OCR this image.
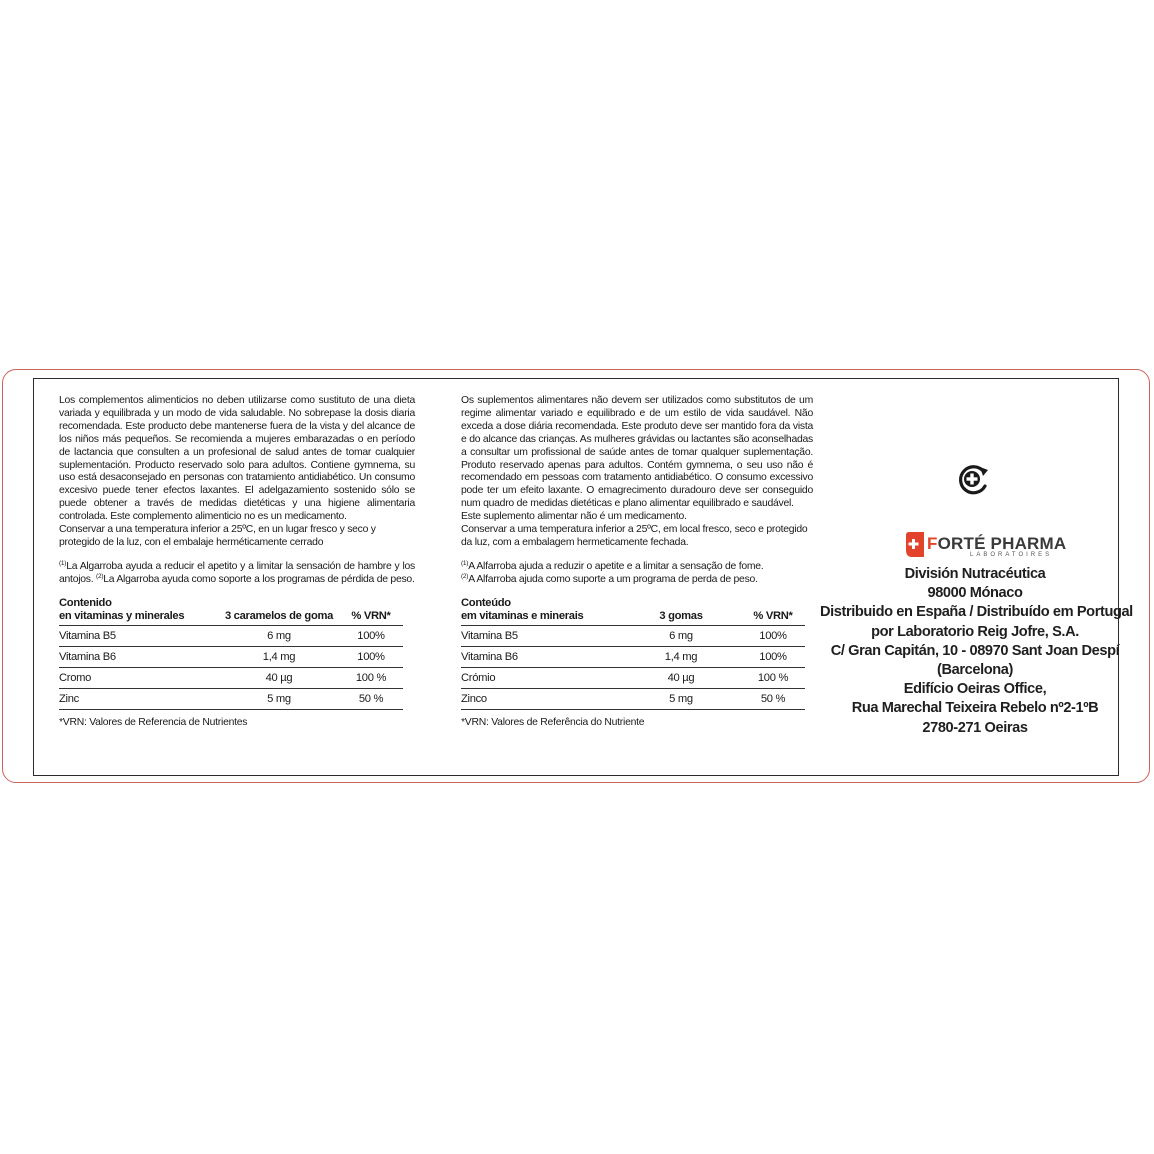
Los complementos alimenticios no deben utilizarse como sustituto de una dieta variada y equilibrada y un modo de vida saludable. No sobrepase la dosis diaria recomendada. Este producto debe mantenerse fuera de la vista y del alcance de los niños más pequeños. Se recomienda a mujeres embarazadas o en período de lactancia que consulten a un profesional de salud antes de tomar cualquier suplementación. Producto reservado solo para adultos. Contiene gymnema, su uso está desaconsejado en personas con tratamiento antidiabético. Un consumo excesivo puede tener efectos laxantes. El adelgazamiento sostenido sólo se puede obtener a través de medidas dietéticas y una higiene alimentaria controlada. Este complemento alimenticio no es un medicamento.

Conservar a una temperatura inferior a 25ºC, en un lugar fresco y seco y protegido de la luz, con el embalaje herméticamente cerrado

$^{(1)}$La Algarroba ayuda a reducir el apetito y a limitar la sensación de hambre y los antojos. $^{(2)}$La Algarroba ayuda como soporte a los programas de pérdida de peso.

Contenido
en vitaminas y minerales	3 caramelos de goma	% VRN*
Vitamina B5	6 mg	100%
Vitamina B6	1,4 mg	100%
Cromo	40 µg	100 %
Zinc	5 mg	50 %
*VRN: Valores de Referencia de Nutrientes

Os suplementos alimentares não devem ser utilizados como substitutos de um regime alimentar variado e equilibrado e de um estilo de vida saudável. Não exceda a dose diária recomendada. Este produto deve ser mantido fora da vista e do alcance das crianças. As mulheres grávidas ou lactantes são aconselhadas a consultar um profissional de saúde antes de tomar qualquer suplementação. Produto reservado apenas para adultos. Contém gymnema, o seu uso não é recomendado em pessoas com tratamento antidiabético. O consumo excessivo pode ter um efeito laxante. O emagrecimento duradouro deve ser conseguido num quadro de medidas dietéticas e plano alimentar equilibrado e saudável.

Este suplemento alimentar não é um medicamento.

Conservar a uma temperatura inferior a 25ºC, em local fresco, seco e protegido da luz, com a embalagem hermeticamente fechada.

$^{(1)}$A Alfarroba ajuda a reduzir o apetite e a limitar a sensação de fome.

$^{(2)}$A Alfarroba ajuda como suporte a um programa de perda de peso.

Conteúdo
em vitaminas e minerais	3 gomas	% VRN*
Vitamina B5	6 mg	100%
Vitamina B6	1,4 mg	100%
Crómio	40 µg	100 %
Zinco	5 mg	50 %
*VRN: Valores de Referência do Nutriente
FORTÉ PHARMA
LABORATOIRES
División Nutracéutica
98000 Mónaco
Distribuido en España / Distribuído em Portugal
por Laboratorio Reig Jofre, S.A.
C/ Gran Capitán, 10 - 08970 Sant Joan Despí
(Barcelona)
Edifício Oeiras Office,
Rua Marechal Teixeira Rebelo nº2-1ºB
2780-271 Oeiras
